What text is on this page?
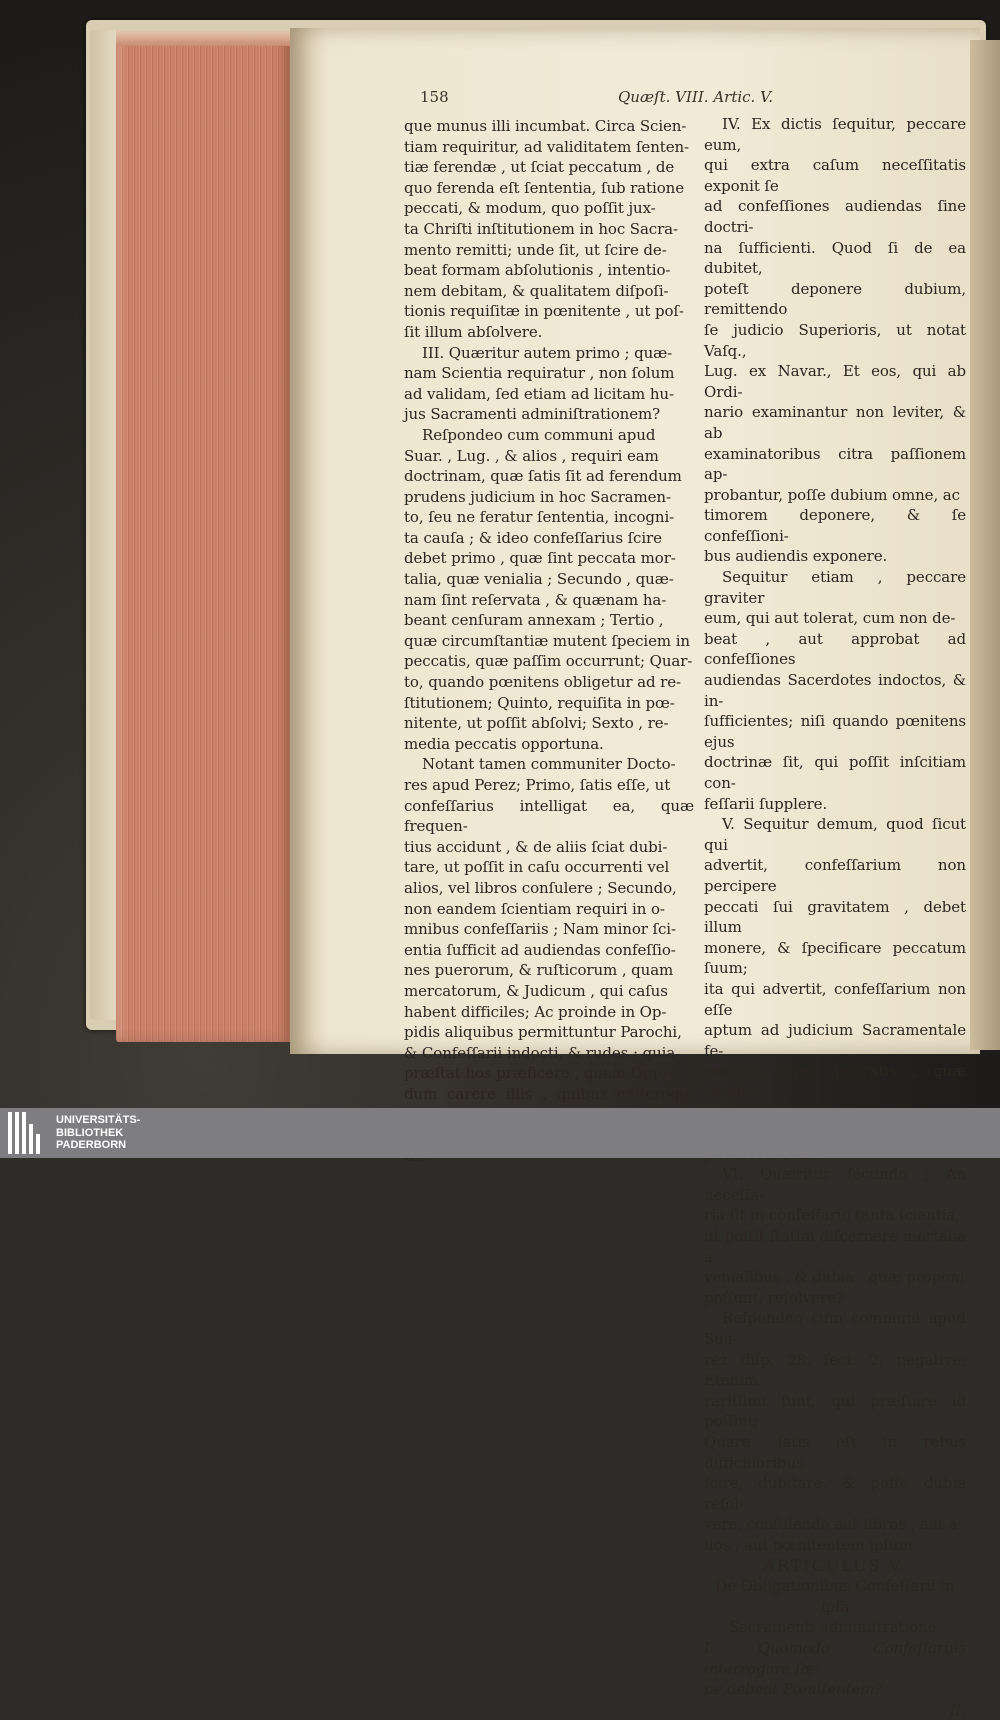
158	Quæſt. VIII. Artic. V.

que munus illi incumbat. Circa Scien-
tiam requiritur, ad validitatem ſenten-
tiæ ferendæ , ut ſciat peccatum , de
quo ferenda eſt ſententia, ſub ratione
peccati, & modum, quo poſſit jux-
ta Chriſti inſtitutionem in hoc Sacra-
mento remitti; unde ſit, ut ſcire de-
beat formam abſolutionis , intentio-
nem debitam, & qualitatem diſpoſi-
tionis requiſitæ in pœnitente , ut poſ-
ſit illum abſolvere.

III. Quæritur autem primo ; quæ-
nam Scientia requiratur , non ſolum
ad validam, ſed etiam ad licitam hu-
jus Sacramenti adminiſtrationem?

Reſpondeo cum communi apud
Suar. , Lug. , & alios , requiri eam
doctrinam, quæ ſatis ſit ad ferendum
prudens judicium in hoc Sacramen-
to, ſeu ne feratur ſententia, incogni-
ta cauſa ; & ideo confeſſarius ſcire
debet primo , quæ ſint peccata mor-
talia, quæ venialia ; Secundo , quæ-
nam ſint reſervata , & quænam ha-
beant cenſuram annexam ; Tertio ,
quæ circumſtantiæ mutent ſpeciem in
peccatis, quæ paſſim occurrunt; Quar-
to, quando pœnitens obligetur ad re-
ſtitutionem; Quinto, requiſita in pœ-
nitente, ut poſſit abſolvi; Sexto , re-
media peccatis opportuna.

Notant tamen communiter Docto-
res apud Perez; Primo, ſatis eſſe, ut
confeſſarius intelligat ea, quæ frequen-
tius accidunt , & de aliis ſciat dubi-
tare, ut poſſit in caſu occurrenti vel
alios, vel libros conſulere ; Secundo,
non eandem ſcientiam requiri in o-
mnibus confeſſariis ; Nam minor ſci-
entia ſufficit ad audiendas confeſſio-
nes puerorum, & ruſticorum , quam
mercatorum, & Judicum , qui caſus
habent difficiles; Ac proinde in Op-
pidis aliquibus permittuntur Parochi,
& Confeſſarii indocti, & rudes ; quia
præſtat hos præficere , quam Oppi-
dum carere illis , quibus cæteroqui

IV. Ex dictis ſequitur, peccare eum,
qui extra caſum neceſſitatis exponit ſe
ad confeſſiones audiendas ſine doctri-
na ſufficienti. Quod ſi de ea dubitet,
poteſt deponere dubium, remittendo
ſe judicio Superioris, ut notat Vaſq.,
Lug. ex Navar., Et eos, qui ab Ordi-
nario examinantur non leviter, & ab
examinatoribus citra paſſionem ap-
probantur, poſſe dubium omne, ac
timorem deponere, & ſe confeſſioni-
bus audiendis exponere.

Sequitur etiam , peccare graviter
eum, qui aut tolerat, cum non de-
beat , aut approbat ad confeſſiones
audiendas Sacerdotes indoctos, & in-
ſufficientes; niſi quando pœnitens ejus
doctrinæ ſit, qui poſſit inſcitiam con-
feſſarii ſupplere.

V. Sequitur demum, quod ſicut qui
advertit, confeſſarium non percipere
peccati ſui gravitatem , debet illum
monere, & ſpecificare peccatum ſuum;
ita qui advertit, confeſſarium non eſſe
aptum ad judicium Sacramentale fe-
rendum ſuper peccatis , quæ confite-

VI. Quæritur ſecundo ; An neceſſa-
ria ſit in confeſſario tanta ſcientia,
ut poſſit ſtatim diſcernere mortalia a
venialibus , & dubia , quæ proponi
poſſunt, reſolvere?

Reſpondeo cum communi apud Sua-
rez diſp. 28. ſect. 2, negative; Etenim
rariſſimi ſunt, qui præſtare id poſſint;
Quare ſatis eſt in rebus difficilioribus
ſcire, dubitare, & poſſe dubia reſol-
vere, conſulendo aut libros , aut a-
lios , aut pœnitentem ipſum.

ARTICULUS V.

De Obligationibus Confeſſarii in ipſa
Sacramenti adminiſtratione.

I. Quomodo Confeſſarius interrogare ſæ-
pe debeat Pœnitentem?

II.

UNIVERSITÄTS-
BIBLIOTHEK
PADERBORN
